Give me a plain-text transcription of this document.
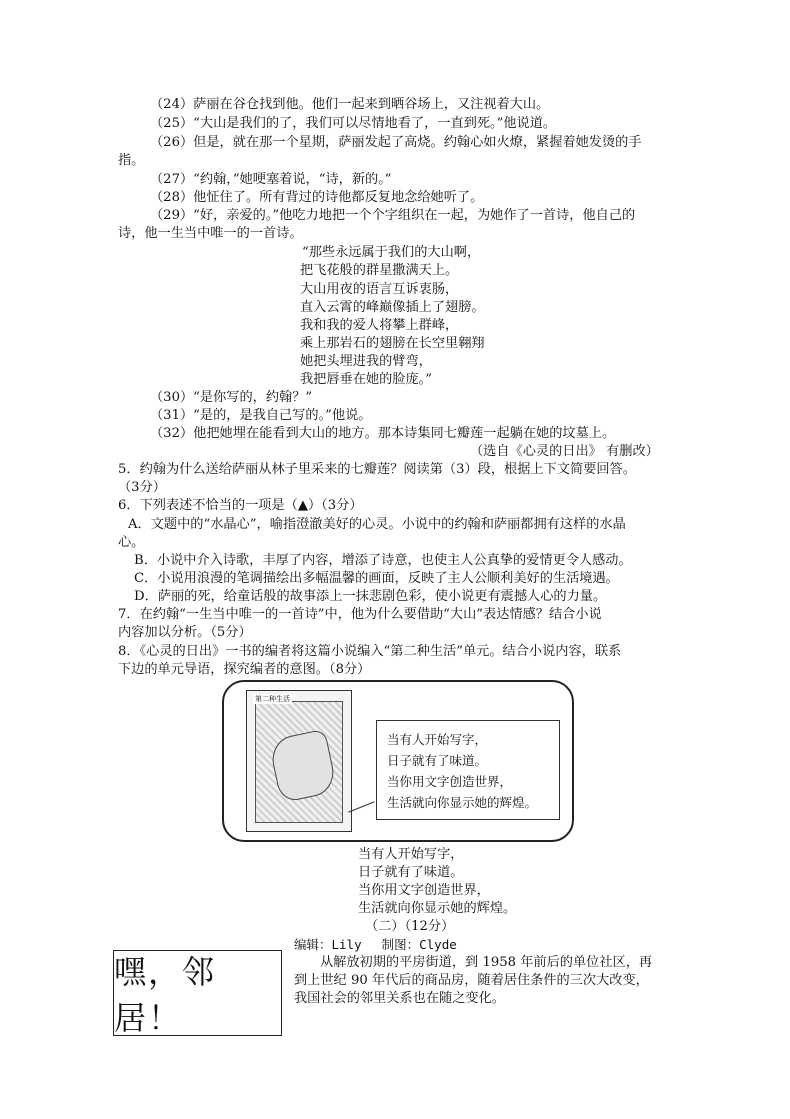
（24）萨丽在谷仓找到他。他们一起来到晒谷场上，又注视着大山。
（25）“大山是我们的了，我们可以尽情地看了，一直到死。”他说道。
（26）但是，就在那一个星期，萨丽发起了高烧。约翰心如火燎，紧握着她发烫的手
指。
（27）“约翰，”她哽塞着说，“诗，新的。”
（28）他怔住了。所有背过的诗他都反复地念给她听了。
（29）“好，亲爱的。”他吃力地把一个个字组织在一起，为她作了一首诗，他自己的
诗，他一生当中唯一的一首诗。
“那些永远属于我们的大山啊，
把飞花般的群星撒满天上。
大山用夜的语言互诉衷肠，
直入云霄的峰巅像插上了翅膀。
我和我的爱人将攀上群峰，
乘上那岩石的翅膀在长空里翱翔
她把头埋进我的臂弯，
我把唇垂在她的脸庞。”
（30）“是你写的，约翰？”
（31）“是的，是我自己写的。”他说。
（32）他把她埋在能看到大山的地方。那本诗集同七瓣莲一起躺在她的坟墓上。
（选自《心灵的日出》 有删改）
5．约翰为什么送给萨丽从林子里采来的七瓣莲？阅读第（3）段，根据上下文简要回答。
（3分）
6．下列表述不恰当的一项是（▲）（3分）
A．文题中的“水晶心”，喻指澄澈美好的心灵。小说中的约翰和萨丽都拥有这样的水晶
心。
B．小说中介入诗歌，丰厚了内容，增添了诗意，也使主人公真挚的爱情更令人感动。
C．小说用浪漫的笔调描绘出多幅温馨的画面，反映了主人公顺利美好的生活境遇。
D．萨丽的死，给童话般的故事添上一抹悲剧色彩，使小说更有震撼人心的力量。
7．在约翰“一生当中唯一的一首诗”中，他为什么要借助“大山”表达情感？结合小说
内容加以分析。（5分）
8．《心灵的日出》一书的编者将这篇小说编入“第二种生活”单元。结合小说内容，联系
下边的单元导语，探究编者的意图。（8分）
第二种生活
当有人开始写字，
日子就有了味道。
当你用文字创造世界，
生活就向你显示她的辉煌。
当有人开始写字，
日子就有了味道。
当你用文字创造世界，
生活就向你显示她的辉煌。
（二）（12分）
编辑：Lily　 制图：Clyde
嘿，邻居！
从解放初期的平房街道，到 1958 年前后的单位社区，再
到上世纪 90 年代后的商品房，随着居住条件的三次大改变，
我国社会的邻里关系也在随之变化。
